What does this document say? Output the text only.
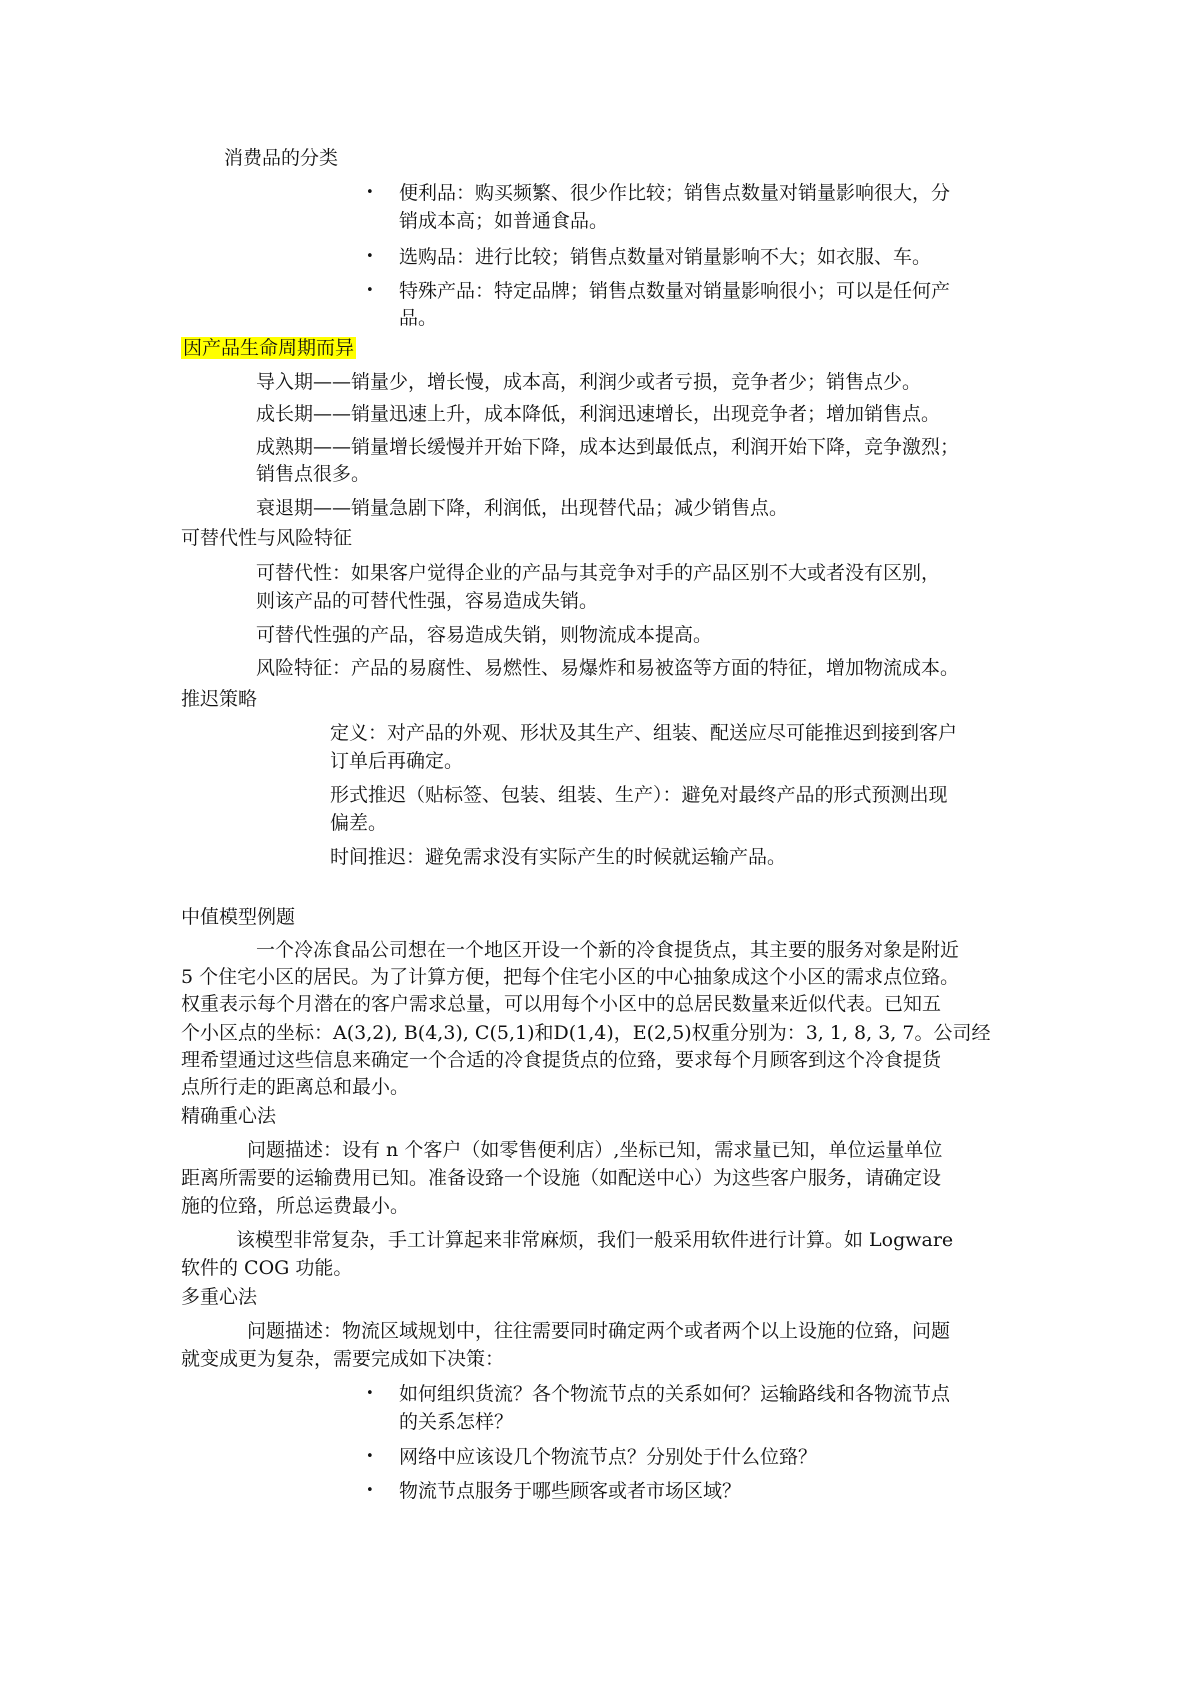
消费品的分类
• 便利品：购买频繁、很少作比较；销售点数量对销量影响很大，分
销成本高；如普通食品。
• 选购品：进行比较；销售点数量对销量影响不大；如衣服、车。
• 特殊产品：特定品牌；销售点数量对销量影响很小；可以是任何产
品。
因产品生命周期而异
导入期——销量少，增长慢，成本高，利润少或者亏损，竞争者少；销售点少。
成长期——销量迅速上升，成本降低，利润迅速增长，出现竞争者；增加销售点。
成熟期——销量增长缓慢并开始下降，成本达到最低点，利润开始下降，竞争激烈；
销售点很多。
衰退期——销量急剧下降，利润低，出现替代品；减少销售点。
可替代性与风险特征
可替代性：如果客户觉得企业的产品与其竞争对手的产品区别不大或者没有区别，
则该产品的可替代性强，容易造成失销。
可替代性强的产品，容易造成失销，则物流成本提高。
风险特征：产品的易腐性、易燃性、易爆炸和易被盗等方面的特征，增加物流成本。
推迟策略
定义：对产品的外观、形状及其生产、组装、配送应尽可能推迟到接到客户
订单后再确定。
形式推迟（贴标签、包装、组装、生产）：避免对最终产品的形式预测出现
偏差。
时间推迟：避免需求没有实际产生的时候就运输产品。
中值模型例题
一个冷冻食品公司想在一个地区开设一个新的冷食提货点，其主要的服务对象是附近
5 个住宅小区的居民。为了计算方便，把每个住宅小区的中心抽象成这个小区的需求点位臵。
权重表示每个月潜在的客户需求总量，可以用每个小区中的总居民数量来近似代表。已知五
个小区点的坐标：A(3,2), B(4,3), C(5,1)和D(1,4)，E(2,5)权重分别为：3, 1, 8, 3, 7。公司经
理希望通过这些信息来确定一个合适的冷食提货点的位臵，要求每个月顾客到这个冷食提货
点所行走的距离总和最小。
精确重心法
问题描述：设有 n 个客户（如零售便利店）,坐标已知，需求量已知，单位运量单位
距离所需要的运输费用已知。准备设臵一个设施（如配送中心）为这些客户服务，请确定设
施的位臵，所总运费最小。
该模型非常复杂，手工计算起来非常麻烦，我们一般采用软件进行计算。如 Logware
软件的 COG 功能。
多重心法
问题描述：物流区域规划中，往往需要同时确定两个或者两个以上设施的位臵，问题
就变成更为复杂，需要完成如下决策：
• 如何组织货流？各个物流节点的关系如何？运输路线和各物流节点
的关系怎样？
• 网络中应该设几个物流节点？分别处于什么位臵？
• 物流节点服务于哪些顾客或者市场区域？
